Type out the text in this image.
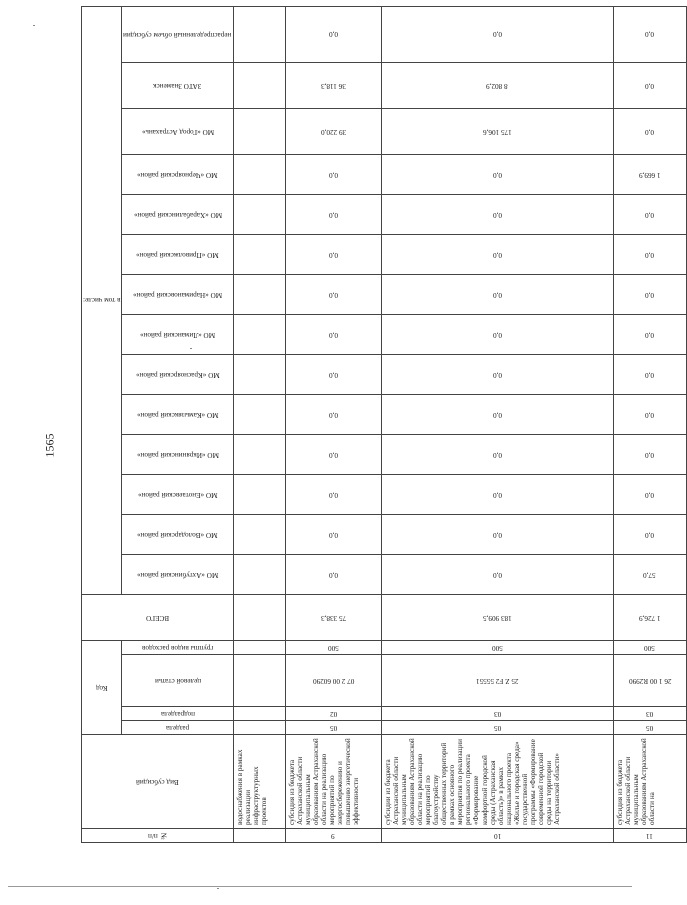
1565
№ п/п	Вид субсидий	Код				ВСЕГО	в том числе:													

		раздела	подраздела	целевой статьи	группы видов расходов		МО «Ахтубинский район»	МО «Володарский район»	МО «Енотаевский район»	МО «Икрянинский район»	МО «Камызякский район»	МО «Красноярский район»	МО «Лиманский район»	МО «Наримановский район»	МО «Приволжский район»	МО «Харабалинский район»	МО «Черноярский район»	МО «Город Астрахань»	ЗАТО Знаменск	нераспределенный объем субсидии

	водоснабжения в рамках реализации инфраструктурных проектов	

9	субсидия из бюджета Астраханской области муниципальным образованиям Астраханской области на реализацию мероприятий по энергосбережению и повышению энергетической эффективности	05	02	07 2 00 60290	500	75 338,3	0,0	0,0	0,0	0,0	0,0	0,0	0,0	0,0	0,0	0,0	0,0	39 220,0	36 118,3	0,0

10	субсидии из бюджета Астраханской области муниципальным образованиям Астраханской области на реализацию мероприятий по благоустройству общественных территорий в рамках основного мероприятия по реализации регионального проекта «Формирование комфортной городской среды (Астраханская область)» в рамках национального проекта «Жилье и городская среда» государственной программы «Формирование современной городской среды на территории Астраханской области»	05	03	25 Z F2 55551	500	183 909,5	0,0	0,0	0,0	0,0	0,0	0,0	0,0	0,0	0,0	0,0	0,0	175 106,6	8 802,9	0,0

11	субсидия из бюджета Астраханской области муниципальным образованиям Астраханской области на	05	03	26 1 00 R2990	500	1 726,9	57,0	0,0	0,0	0,0	0,0	0,0	0,0	0,0	0,0	0,0	1 669,9	0,0	0,0	0,0
